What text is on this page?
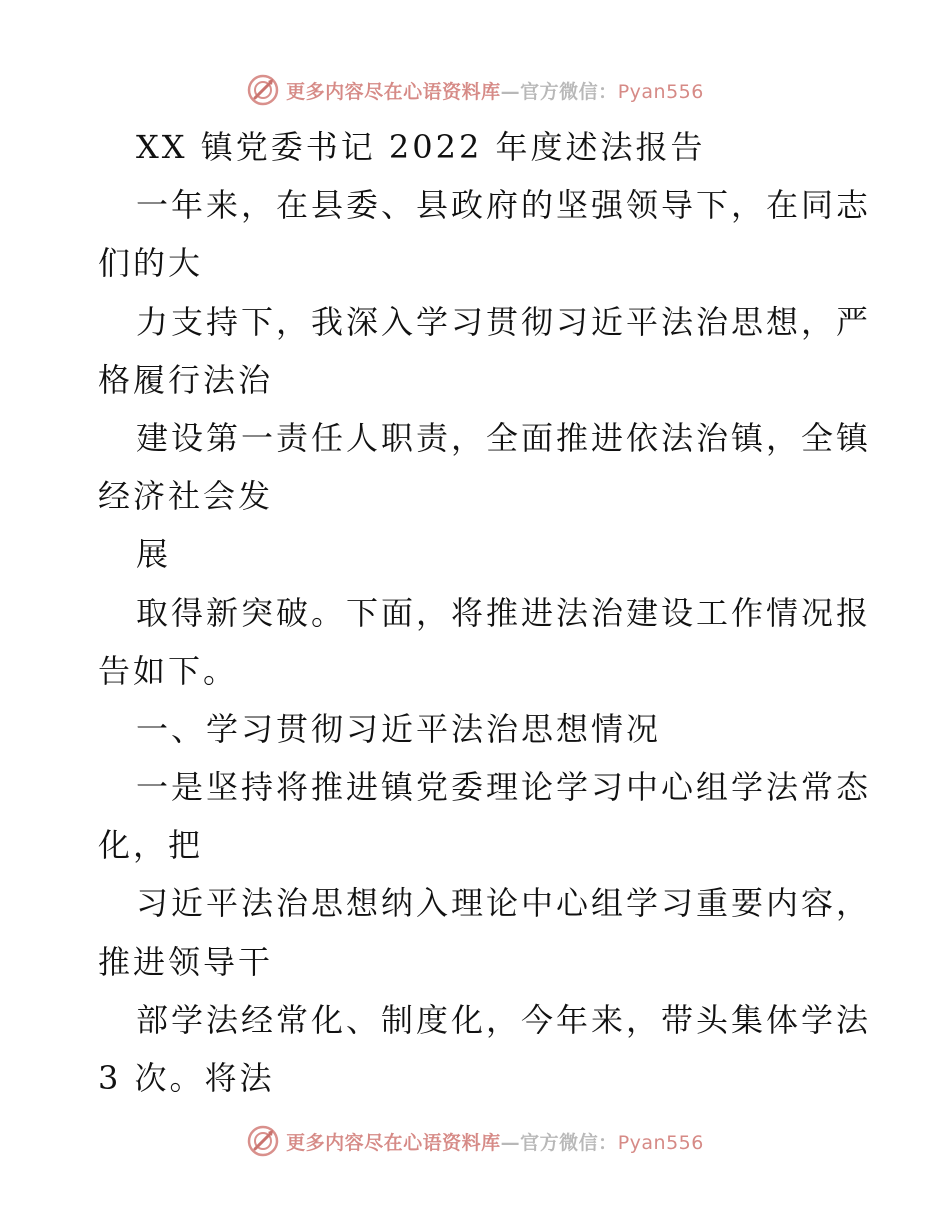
更多内容尽在心语资料库—官方微信：Pyan556
XX 镇党委书记 2022 年度述法报告
一年来，在县委、县政府的坚强领导下，在同志
们的大
力支持下，我深入学习贯彻习近平法治思想，严
格履行法治
建设第一责任人职责，全面推进依法治镇，全镇
经济社会发
展
取得新突破。下面，将推进法治建设工作情况报
告如下。
一、学习贯彻习近平法治思想情况
一是坚持将推进镇党委理论学习中心组学法常态
化，把
习近平法治思想纳入理论中心组学习重要内容，
推进领导干
部学法经常化、制度化，今年来，带头集体学法
3 次。将法
更多内容尽在心语资料库—官方微信：Pyan556
